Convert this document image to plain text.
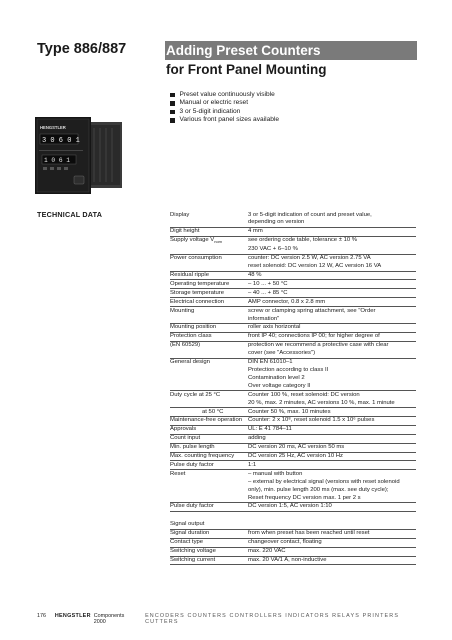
Type 886/887	Adding Preset Counters
for Front Panel Mounting
Preset value continuously visible
Manual or electric reset
3 or 5-digit indication
Various front panel sizes available
HENGSTLER
3 0 6 0 1
1 0 6 1
TECHNICAL DATA	Display	3 or 5-digit indication of count and preset value,
depending on version
Digit height	4 mm
Supply voltage $V_{nom}$	see ordering code table, tolerance ± 10 %
230 VAC + 6–10 %
Power consumption	counter: DC version 2.5 W, AC version 2.75 VA
reset solenoid: DC version 12 W, AC version 16 VA
Residual ripple	48 %
Operating temperature	– 10 ... + 50 °C
Storage temperature	– 40 ... + 85 °C
Electrical connection	AMP connector, 0.8 x 2.8 mm
Mounting	screw or clamping spring attachment, see "Order
information"
Mounting position	roller axis horizontal
Protection class	front IP 40; connections IP 00; for higher degree of
(EN 60529)	protection we recommend a protective case with clear
cover (see "Accessories")
General design	DIN EN 61010–1
Protection according to class II
Contamination level 2
Over voltage category II
Duty cycle at 25 °C	Counter 100 %, reset solenoid: DC version
20 %, max. 2 minutes, AC versions 10 %, max. 1 minute
at 50 °C	Counter 50 %, max. 10 minutes
Maintenance-free operation	Counter: 2 x 10⁸, reset solenoid 1.5 x 10⁶ pulses
Approvals	UL: E 41 784–11
Count input	adding
Min. pulse length	DC version 20 ms, AC version 50 ms
Max. counting frequency	DC version 25 Hz, AC version 10 Hz
Pulse duty factor	1:1
Reset	– manual with button
– external by electrical signal (versions with reset solenoid
only), min. pulse length 200 ms (max. see duty cycle);
Reset frequency DC version max. 1 per 2 s
Pulse duty factor	DC version 1:5, AC version 1:10
Signal output
Signal duration	from when preset has been reached until reset
Contact type	changeover contact, floating
Switching voltage	max. 220 VAC
Switching current	max. 20 VA/1 A, non-inductive
176	HENGSTLER Components 2000
ENCODERS COUNTERS CONTROLLERS INDICATORS RELAYS PRINTERS CUTTERS
